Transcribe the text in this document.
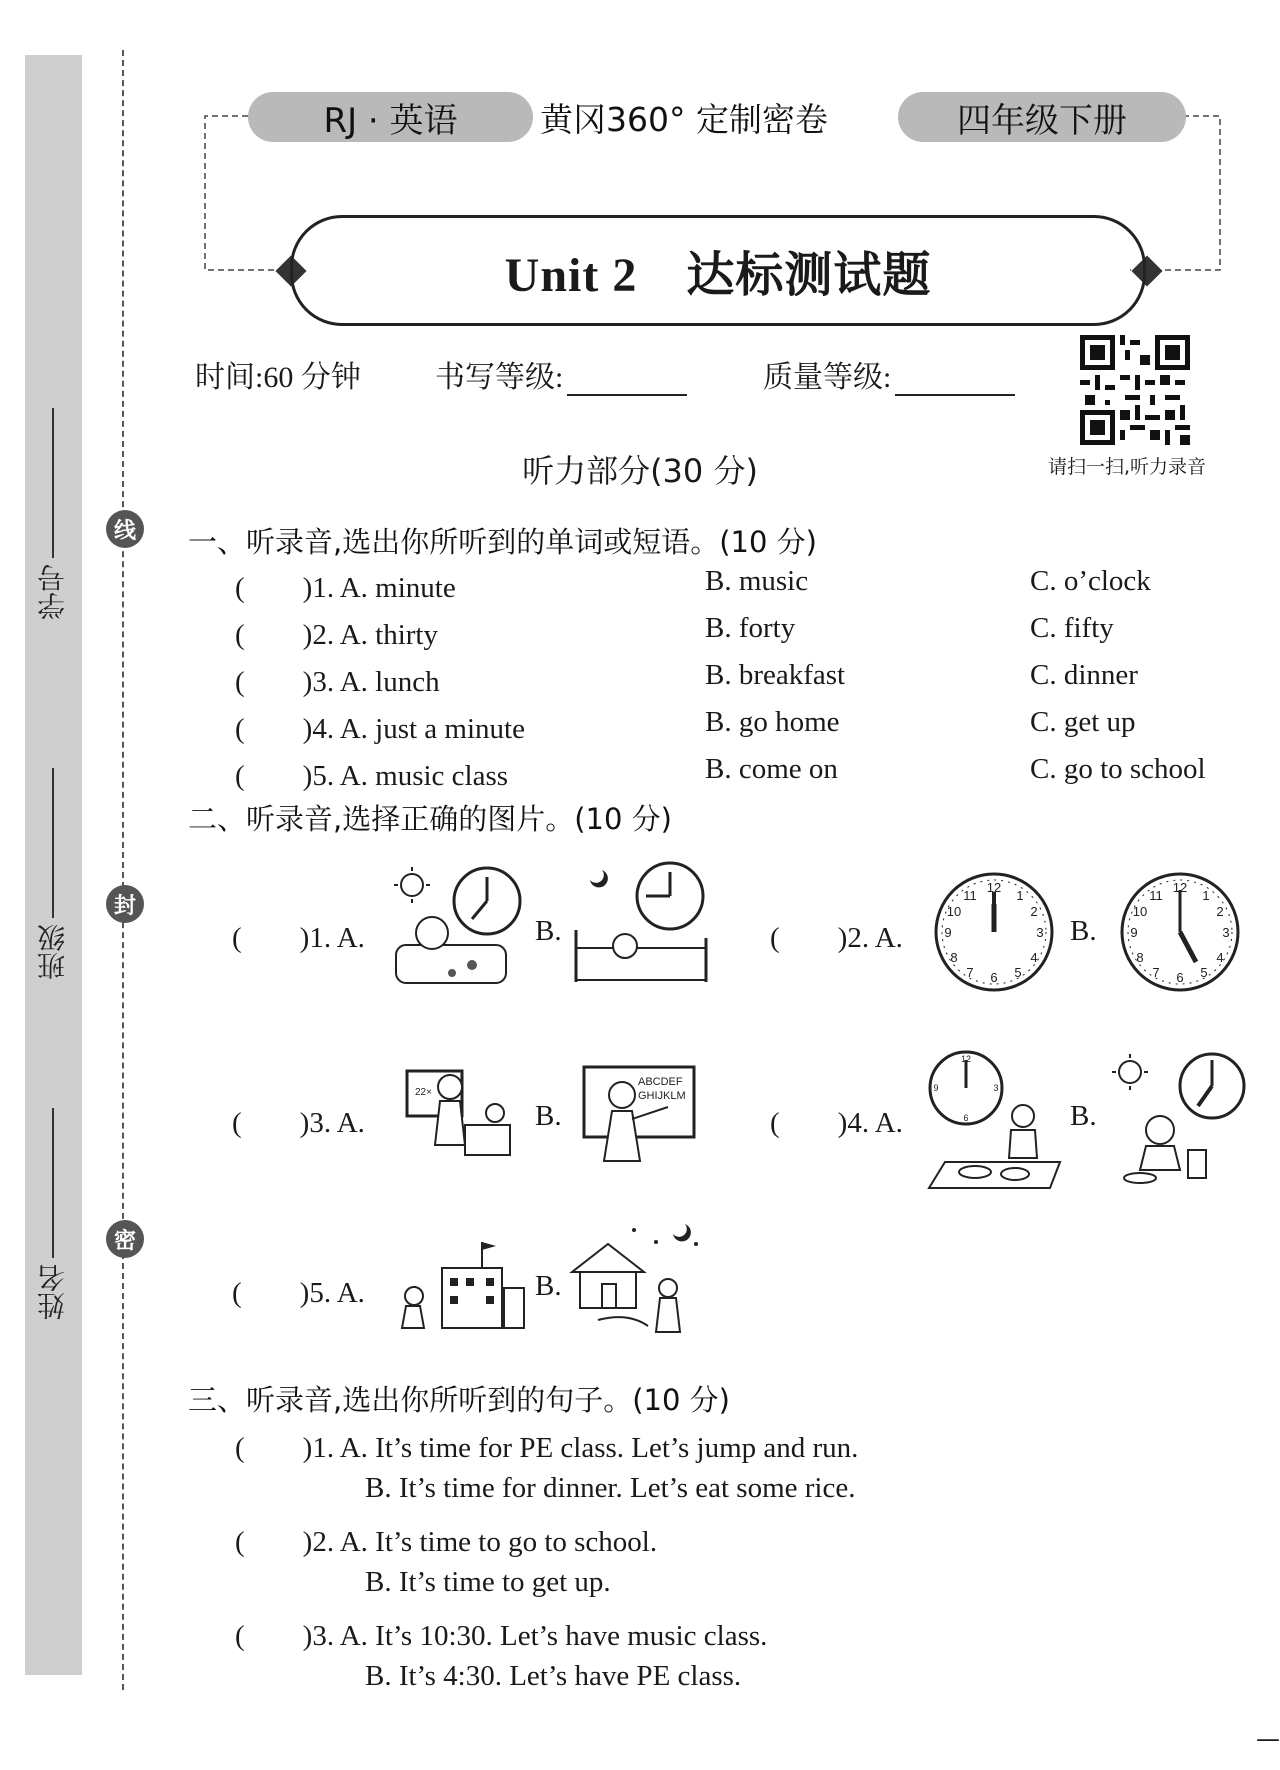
线
封
密
学号
班级
姓名
RJ · 英语	黄冈360° 定制密卷	四年级下册
Unit 2　达标测试题
时间:60 分钟 书写等级:	质量等级:
请扫一扫,听力录音
听力部分(30 分)
一、听录音,选出你所听到的单词或短语。(10 分)
(　　)1. A. minute	B. music	C. o’clock
(　　)2. A. thirty	B. forty	C. fifty
(　　)3. A. lunch	B. breakfast	C. dinner
(　　)4. A. just a minute	B. go home	C. get up
(　　)5. A. music class	B. come on	C. go to school
二、听录音,选择正确的图片。(10 分)
(　　)1. A.	B.	(　　)2. A.
12
3
6
9
1
2
4
5
7
8
10
11
B.
12
3
6
9
1
2
4
5
7
8
10
11
(　　)3. A.
22×
B.
ABCDEF
GHIJKLM
(　　)4. A.
12
3
6
9
B.
(　　)5. A.	B.
三、听录音,选出你所听到的句子。(10 分)
(　　)1. A. It’s time for PE class. Let’s jump and run.
B. It’s time for dinner. Let’s eat some rice.
(　　)2. A. It’s time to go to school.
B. It’s time to get up.
(　　)3. A. It’s 10:30. Let’s have music class.
B. It’s 4:30. Let’s have PE class.
—
